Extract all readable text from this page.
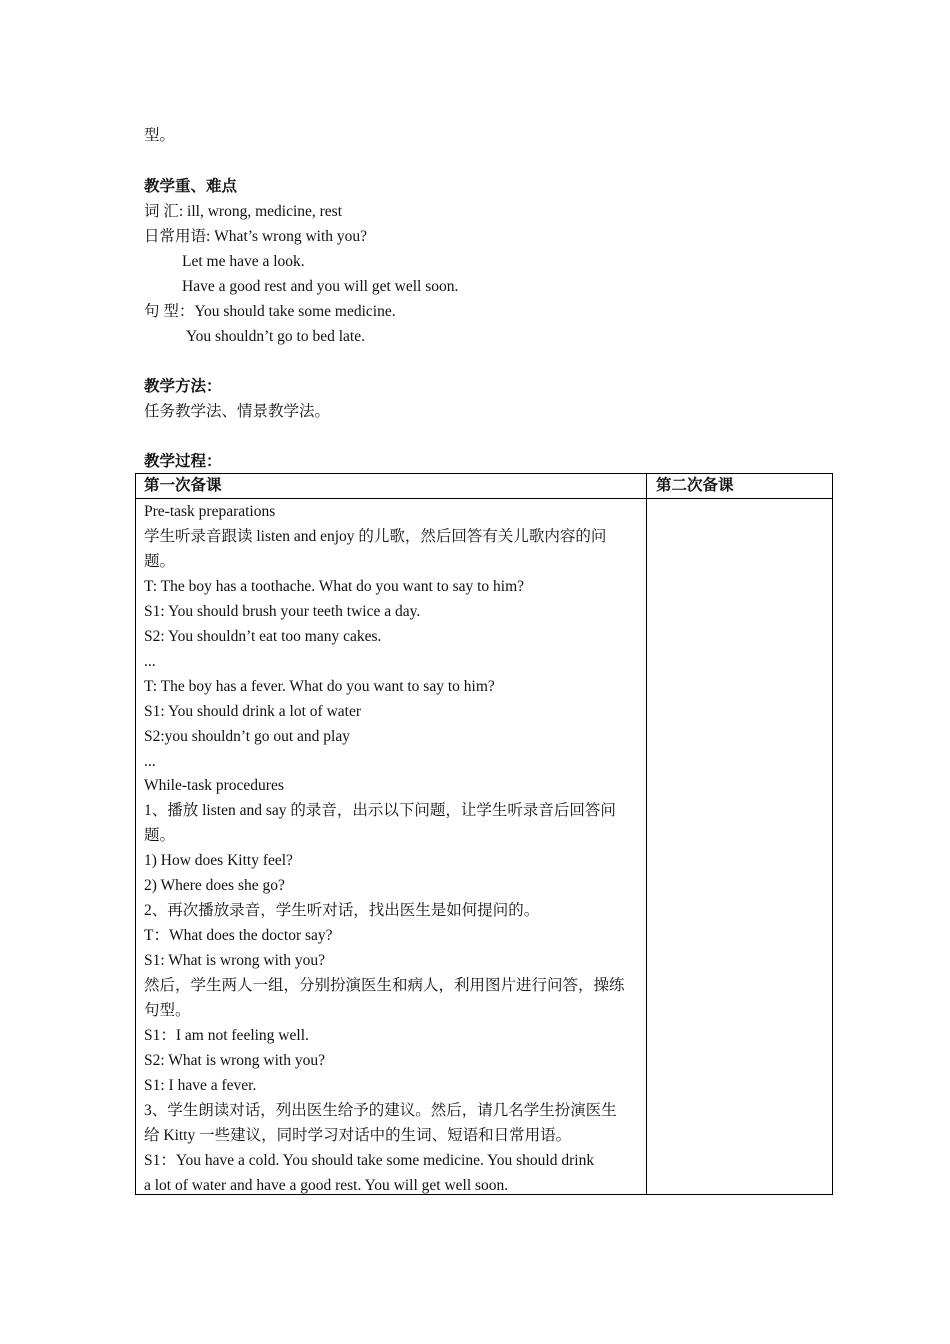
型。
教学重、难点
词 汇: ill, wrong, medicine, rest
日常用语: What’s wrong with you?
Let me have a look.
Have a good rest and you will get well soon.
句 型：You should take some medicine.
You shouldn’t go to bed late.
教学方法：
任务教学法、情景教学法。
教学过程：
第一次备课	第二次备课
Pre-task preparations
学生听录音跟读 listen and enjoy 的儿歌，然后回答有关儿歌内容的问
题。
T: The boy has a toothache. What do you want to say to him?
S1: You should brush your teeth twice a day.
S2: You shouldn’t eat too many cakes.
...
T: The boy has a fever. What do you want to say to him?
S1: You should drink a lot of water
S2:you shouldn’t go out and play
...
While-task procedures
1、播放 listen and say 的录音，出示以下问题，让学生听录音后回答问
题。
1) How does Kitty feel?
2) Where does she go?
2、再次播放录音，学生听对话，找出医生是如何提问的。
T：What does the doctor say?
S1: What is wrong with you?
然后，学生两人一组，分别扮演医生和病人，利用图片进行问答，操练
句型。
S1：I am not feeling well.
S2: What is wrong with you?
S1: I have a fever.
3、学生朗读对话，列出医生给予的建议。然后，请几名学生扮演医生
给 Kitty 一些建议，同时学习对话中的生词、短语和日常用语。
S1：You have a cold. You should take some medicine. You should drink
a lot of water and have a good rest. You will get well soon.
